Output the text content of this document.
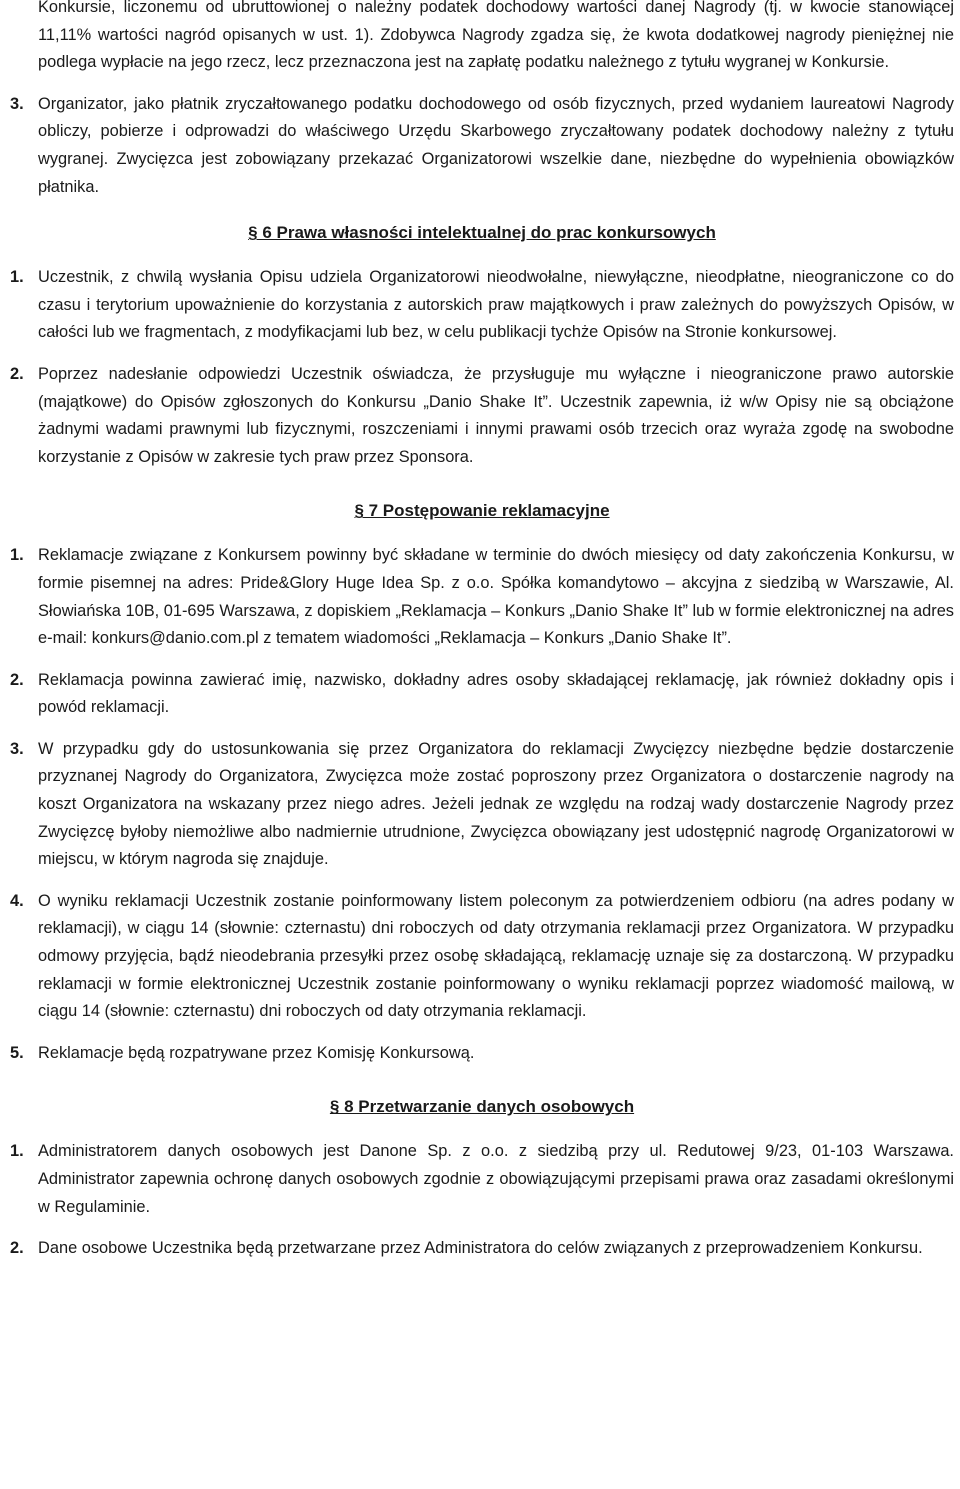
Konkursie, liczonemu od ubruttowionej o należny podatek dochodowy wartości danej Nagrody (tj. w kwocie stanowiącej 11,11% wartości nagród opisanych w ust. 1). Zdobywca Nagrody zgadza się, że kwota dodatkowej nagrody pieniężnej nie podlega wypłacie na jego rzecz, lecz przeznaczona jest na zapłatę podatku należnego z tytułu wygranej w Konkursie.

3. Organizator, jako płatnik zryczałtowanego podatku dochodowego od osób fizycznych, przed wydaniem laureatowi Nagrody obliczy, pobierze i odprowadzi do właściwego Urzędu Skarbowego zryczałtowany podatek dochodowy należny z tytułu wygranej. Zwycięzca jest zobowiązany przekazać Organizatorowi wszelkie dane, niezbędne do wypełnienia obowiązków płatnika.
§ 6 Prawa własności intelektualnej do prac konkursowych
1. Uczestnik, z chwilą wysłania Opisu udziela Organizatorowi nieodwołalne, niewyłączne, nieodpłatne, nieograniczone co do czasu i terytorium upoważnienie do korzystania z autorskich praw majątkowych i praw zależnych do powyższych Opisów, w całości lub we fragmentach, z modyfikacjami lub bez, w celu publikacji tychże Opisów na Stronie konkursowej.
2. Poprzez nadesłanie odpowiedzi Uczestnik oświadcza, że przysługuje mu wyłączne i nieograniczone prawo autorskie (majątkowe) do Opisów zgłoszonych do Konkursu „Danio Shake It”. Uczestnik zapewnia, iż w/w Opisy nie są obciążone żadnymi wadami prawnymi lub fizycznymi, roszczeniami i innymi prawami osób trzecich oraz wyraża zgodę na swobodne korzystanie z Opisów w zakresie tych praw przez Sponsora.
§ 7 Postępowanie reklamacyjne
1. Reklamacje związane z Konkursem powinny być składane w terminie do dwóch miesięcy od daty zakończenia Konkursu, w formie pisemnej na adres: Pride&Glory Huge Idea Sp. z o.o. Spółka komandytowo – akcyjna z siedzibą w Warszawie, Al. Słowiańska 10B, 01-695 Warszawa, z dopiskiem „Reklamacja – Konkurs „Danio Shake It” lub w formie elektronicznej na adres e-mail: konkurs@danio.com.pl z tematem wiadomości „Reklamacja – Konkurs „Danio Shake It”.
2. Reklamacja powinna zawierać imię, nazwisko, dokładny adres osoby składającej reklamację, jak również dokładny opis i powód reklamacji.
3. W przypadku gdy do ustosunkowania się przez Organizatora do reklamacji Zwycięzcy niezbędne będzie dostarczenie przyznanej Nagrody do Organizatora, Zwycięzca może zostać poproszony przez Organizatora o dostarczenie nagrody na koszt Organizatora na wskazany przez niego adres. Jeżeli jednak ze względu na rodzaj wady dostarczenie Nagrody przez Zwycięzcę byłoby niemożliwe albo nadmiernie utrudnione, Zwycięzca obowiązany jest udostępnić nagrodę Organizatorowi w miejscu, w którym nagroda się znajduje.
4. O wyniku reklamacji Uczestnik zostanie poinformowany listem poleconym za potwierdzeniem odbioru (na adres podany w reklamacji), w ciągu 14 (słownie: czternastu) dni roboczych od daty otrzymania reklamacji przez Organizatora. W przypadku odmowy przyjęcia, bądź nieodebrania przesyłki przez osobę składającą, reklamację uznaje się za dostarczoną. W przypadku reklamacji w formie elektronicznej Uczestnik zostanie poinformowany o wyniku reklamacji poprzez wiadomość mailową, w ciągu 14 (słownie: czternastu) dni roboczych od daty otrzymania reklamacji.
5. Reklamacje będą rozpatrywane przez Komisję Konkursową.
§ 8 Przetwarzanie danych osobowych
1. Administratorem danych osobowych jest Danone Sp. z o.o. z siedzibą przy ul. Redutowej 9/23, 01-103 Warszawa. Administrator zapewnia ochronę danych osobowych zgodnie z obowiązującymi przepisami prawa oraz zasadami określonymi w Regulaminie.
2. Dane osobowe Uczestnika będą przetwarzane przez Administratora do celów związanych z przeprowadzeniem Konkursu.
